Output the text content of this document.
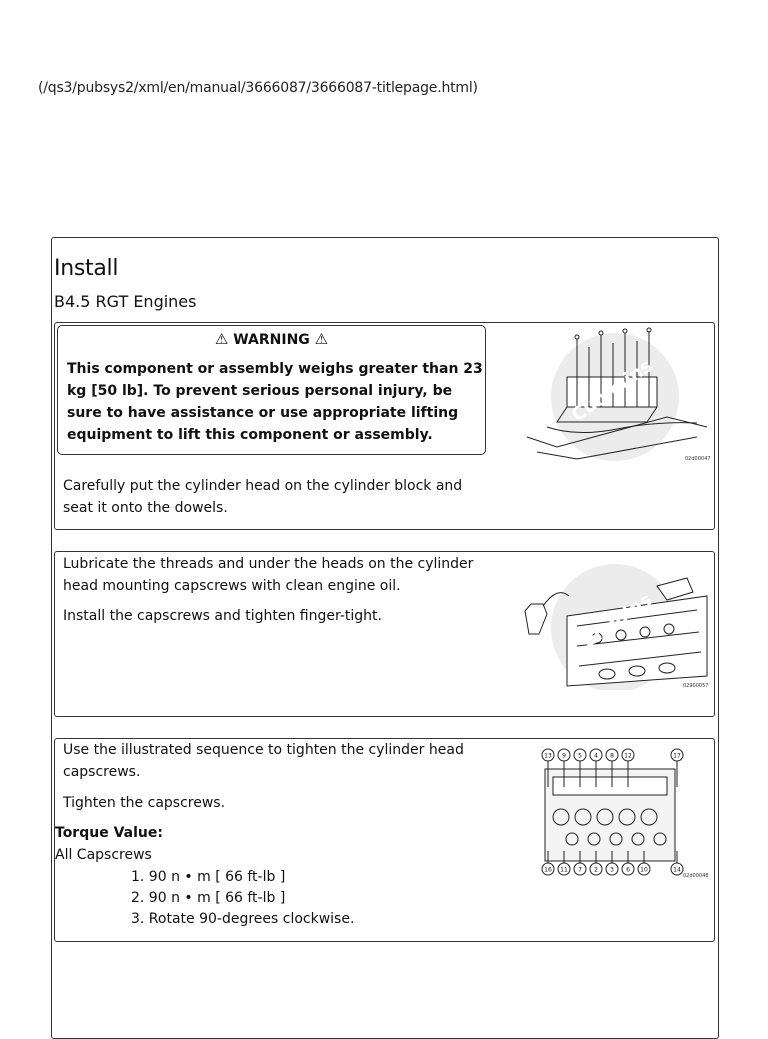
(/qs3/pubsys2/xml/en/manual/3666087/3666087-titlepage.html)
Install
B4.5 RGT Engines
⚠ WARNING ⚠
This component or assembly weighs greater than 23 kg [50 lb]. To prevent serious personal injury, be sure to have assistance or use appropriate lifting equipment to lift this component or assembly.
Carefully put the cylinder head on the cylinder block and seat it onto the dowels.
Cummins
02d00047
Lubricate the threads and under the heads on the cylinder head mounting capscrews with clean engine oil.
Install the capscrews and tighten finger-tight.	Cummins
02900057
Use the illustrated sequence to tighten the cylinder head capscrews.
Tighten the capscrews.
Torque Value:
All Capscrews
1. 90 n • m [ 66 ft-lb ]
2. 90 n • m [ 66 ft-lb ]
3. Rotate 90-degrees clockwise.
13 9 5 4 8 12	17
16 11 7 2 3 6 10	14
02d00048
